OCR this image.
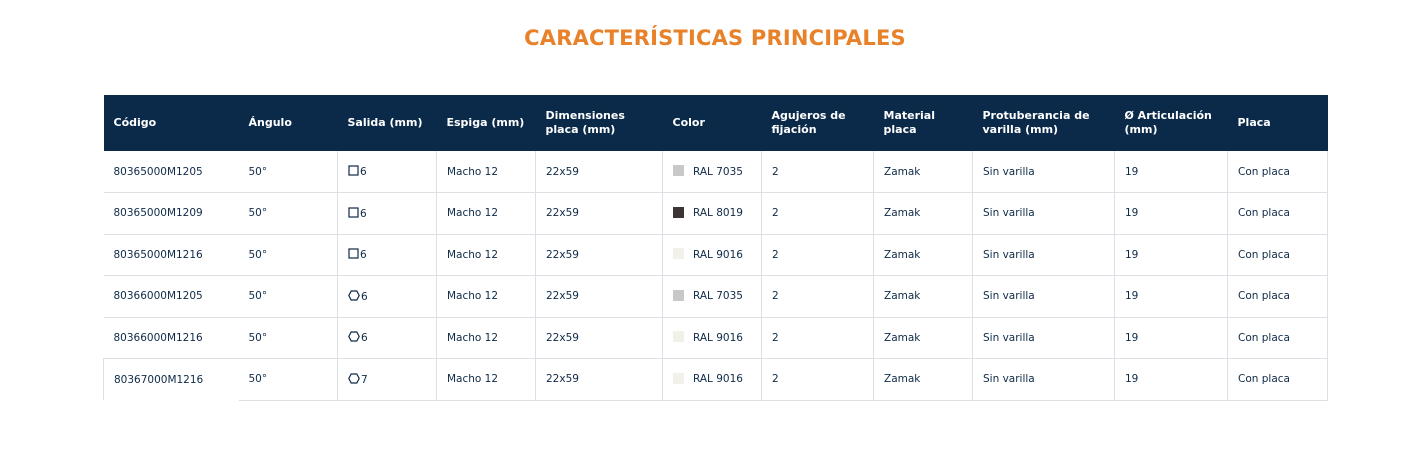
CARACTERÍSTICAS PRINCIPALES
Código	Ángulo	Salida (mm)	Espiga (mm)	Dimensiones placa (mm)	Color	Agujeros de fijación	Material placa	Protuberancia de varilla (mm)	Ø Articulación (mm)	Placa
80365000M1205	50°	6	Macho 12	22x59	RAL 7035	2	Zamak	Sin varilla	19	Con placa
80365000M1209	50°	6	Macho 12	22x59	RAL 8019	2	Zamak	Sin varilla	19	Con placa
80365000M1216	50°	6	Macho 12	22x59	RAL 9016	2	Zamak	Sin varilla	19	Con placa
80366000M1205	50°	6	Macho 12	22x59	RAL 7035	2	Zamak	Sin varilla	19	Con placa
80366000M1216	50°	6	Macho 12	22x59	RAL 9016	2	Zamak	Sin varilla	19	Con placa
80367000M1216	50°	7	Macho 12	22x59	RAL 9016	2	Zamak	Sin varilla	19	Con placa
